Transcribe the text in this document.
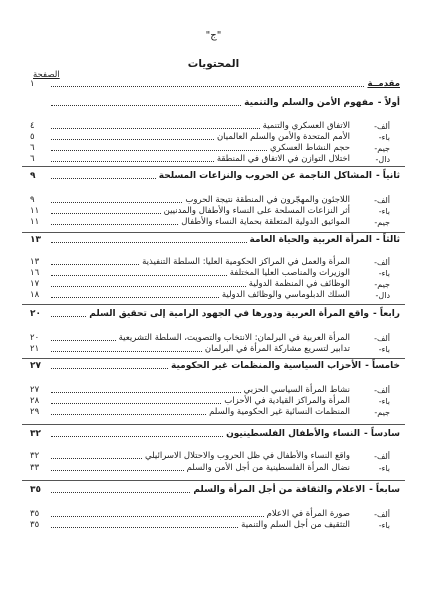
"ج"
المحتويات
الصفحة
مقدمــة
١
أولاً -
مفهوم الأمن والسلم والتنمية
ألف-
الاتفاق العسكري والتنمية
٤
باء-
الأمم المتحدة والأمن والسلم العالميان
٥
جيم-
حجم النشاط العسكري
٦
دال-
اختلال التوازن في الاتفاق في المنطقة
٦
ثانياً -
المشاكل الناجمة عن الحروب والنزاعات المسلحة
٩
ألف-
اللاجئون والمهجّرون في المنطقة نتيجة الحروب
٩
باء-
أثر النزاعات المسلحة على النساء والأطفال والمدنيين
١١
جيم-
المواثيق الدولية المتعلقة بحماية النساء والأطفال
١١
ثالثاً -
المرأة العربية والحياة العامة
١٣
ألف-
المرأة والعمل في المراكز الحكومية العليا: السلطة التنفيذية
١٣
باء-
الوزيرات والمناصب العليا المختلفة
١٦
جيم-
الوظائف في المنظمة الدولية
١٧
دال-
السلك الدبلوماسي والوظائف الدولية
١٨
رابعاً -
واقع المرأة العربية ودورها في الجهود الرامية إلى تحقيق السلم
٢٠
ألف-
المرأة العربية في البرلمان: الانتخاب والتصويت، السلطة التشريعية
٢٠
باء-
تدابير لتسريع مشاركة المرأة في البرلمان
٢١
خامساً -
الأحزاب السياسية والمنظمات غير الحكومية
٢٧
ألف-
نشاط المرأة السياسي الحزبي
٢٧
باء-
المرأة والمراكز القيادية في الأحزاب
٢٨
جيم-
المنظمات النسائية غير الحكومية والسلم
٢٩
سادساً -
النساء والأطفال الفلسطينيون
٣٢
ألف-
واقع النساء والأطفال في ظل الحروب والاحتلال الاسرائيلي
٣٢
باء-
نضال المرأة الفلسطينية من أجل الأمن والسلم
٣٣
سابعاً -
الاعلام والثقافة من أجل المرأة والسلم
٣٥
ألف-
صورة المرأة في الاعلام
٣٥
باء-
التثقيف من أجل السلم والتنمية
٣٥
